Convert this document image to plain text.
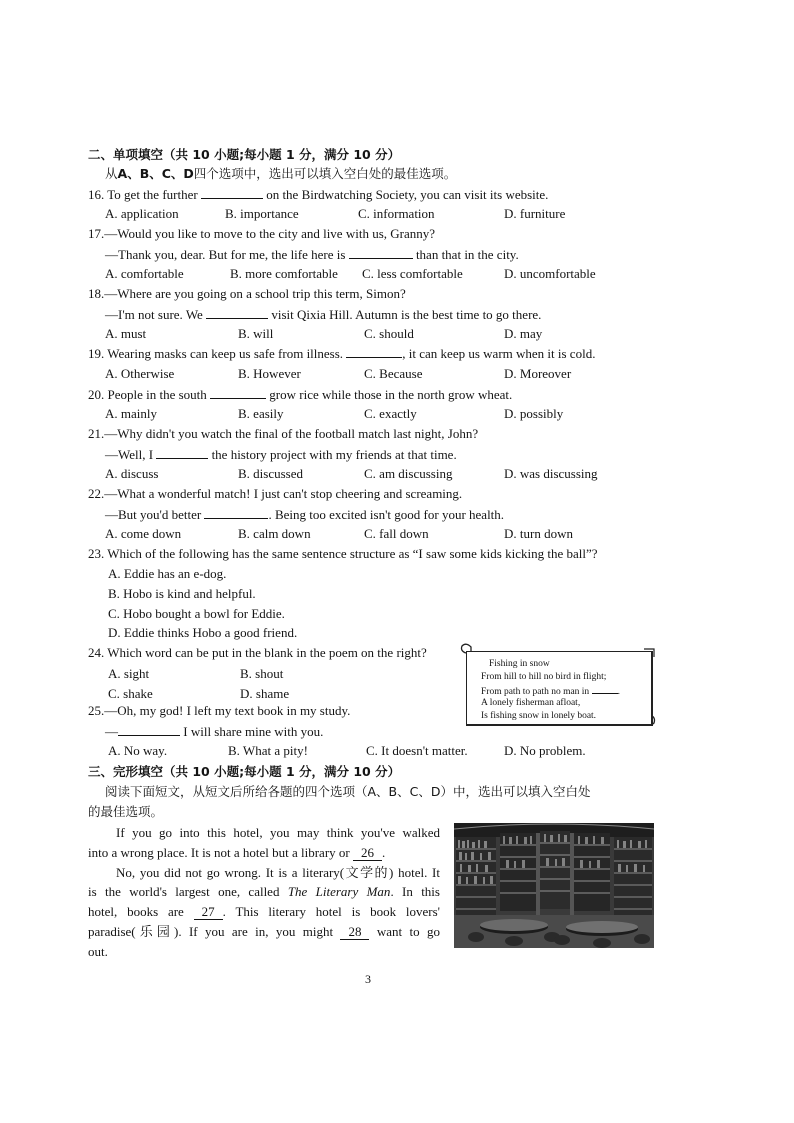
二、单项填空（共 10 小题;每小题 1 分，满分 10 分）
从A、B、C、D四个选项中，选出可以填入空白处的最佳选项。
16. To get the further	on the Birdwatching Society, you can visit its website.
A. application	B. importance	C. information	D. furniture
17.—Would you like to move to the city and live with us, Granny?
—Thank you, dear. But for me, the life here is	than that in the city.
A. comfortable	B. more comfortable C. less comfortable	D. uncomfortable
18.—Where are you going on a school trip this term, Simon?
—I'm not sure. We	visit Qixia Hill. Autumn is the best time to go there.
A. must	B. will	C. should	D. may
19. Wearing masks can keep us safe from illness.	, it can keep us warm when it is cold.
A. Otherwise	B. However	C. Because	D. Moreover
20. People in the south	grow rice while those in the north grow wheat.
A. mainly	B. easily	C. exactly	D. possibly
21.—Why didn't you watch the final of the football match last night, John?
—Well, I	the history project with my friends at that time.
A. discuss	B. discussed	C. am discussing	D. was discussing
22.—What a wonderful match! I just can't stop cheering and screaming.
—But you'd better	. Being too excited isn't good for your health.
A. come down	B. calm down	C. fall down	D. turn down
23. Which of the following has the same sentence structure as “I saw some kids kicking the ball”?
A. Eddie has an e-dog.
B. Hobo is kind and helpful.
C. Hobo bought a bowl for Eddie.
D. Eddie thinks Hobo a good friend.
24. Which word can be put in the blank in the poem on the right?
A. sight	B. shout
C. shake	D. shame
Fishing in snow
From hill to hill no bird in flight;
From path to path no man in	.
A lonely fisherman afloat,
Is fishing snow in lonely boat.
25.—Oh, my god! I left my text book in my study.
—	I will share mine with you.
A. No way.	B. What a pity!	C. It doesn't matter.	D. No problem.
三、完形填空（共 10 小题;每小题 1 分，满分 10 分）
阅读下面短文，从短文后所给各题的四个选项（A、B、C、D）中，选出可以填入空白处
的最佳选项。
If you go into this hotel, you may think you've walked
into a wrong place. It is not a hotel but a library or 26 .
No, you did not go wrong. It is a literary(文学的) hotel. It
is the world's largest one, called The Literary Man. In this
hotel, books are 27 . This literary hotel is book lovers'
paradise(乐园). If you are in, you might 28 want to go
out.
3
